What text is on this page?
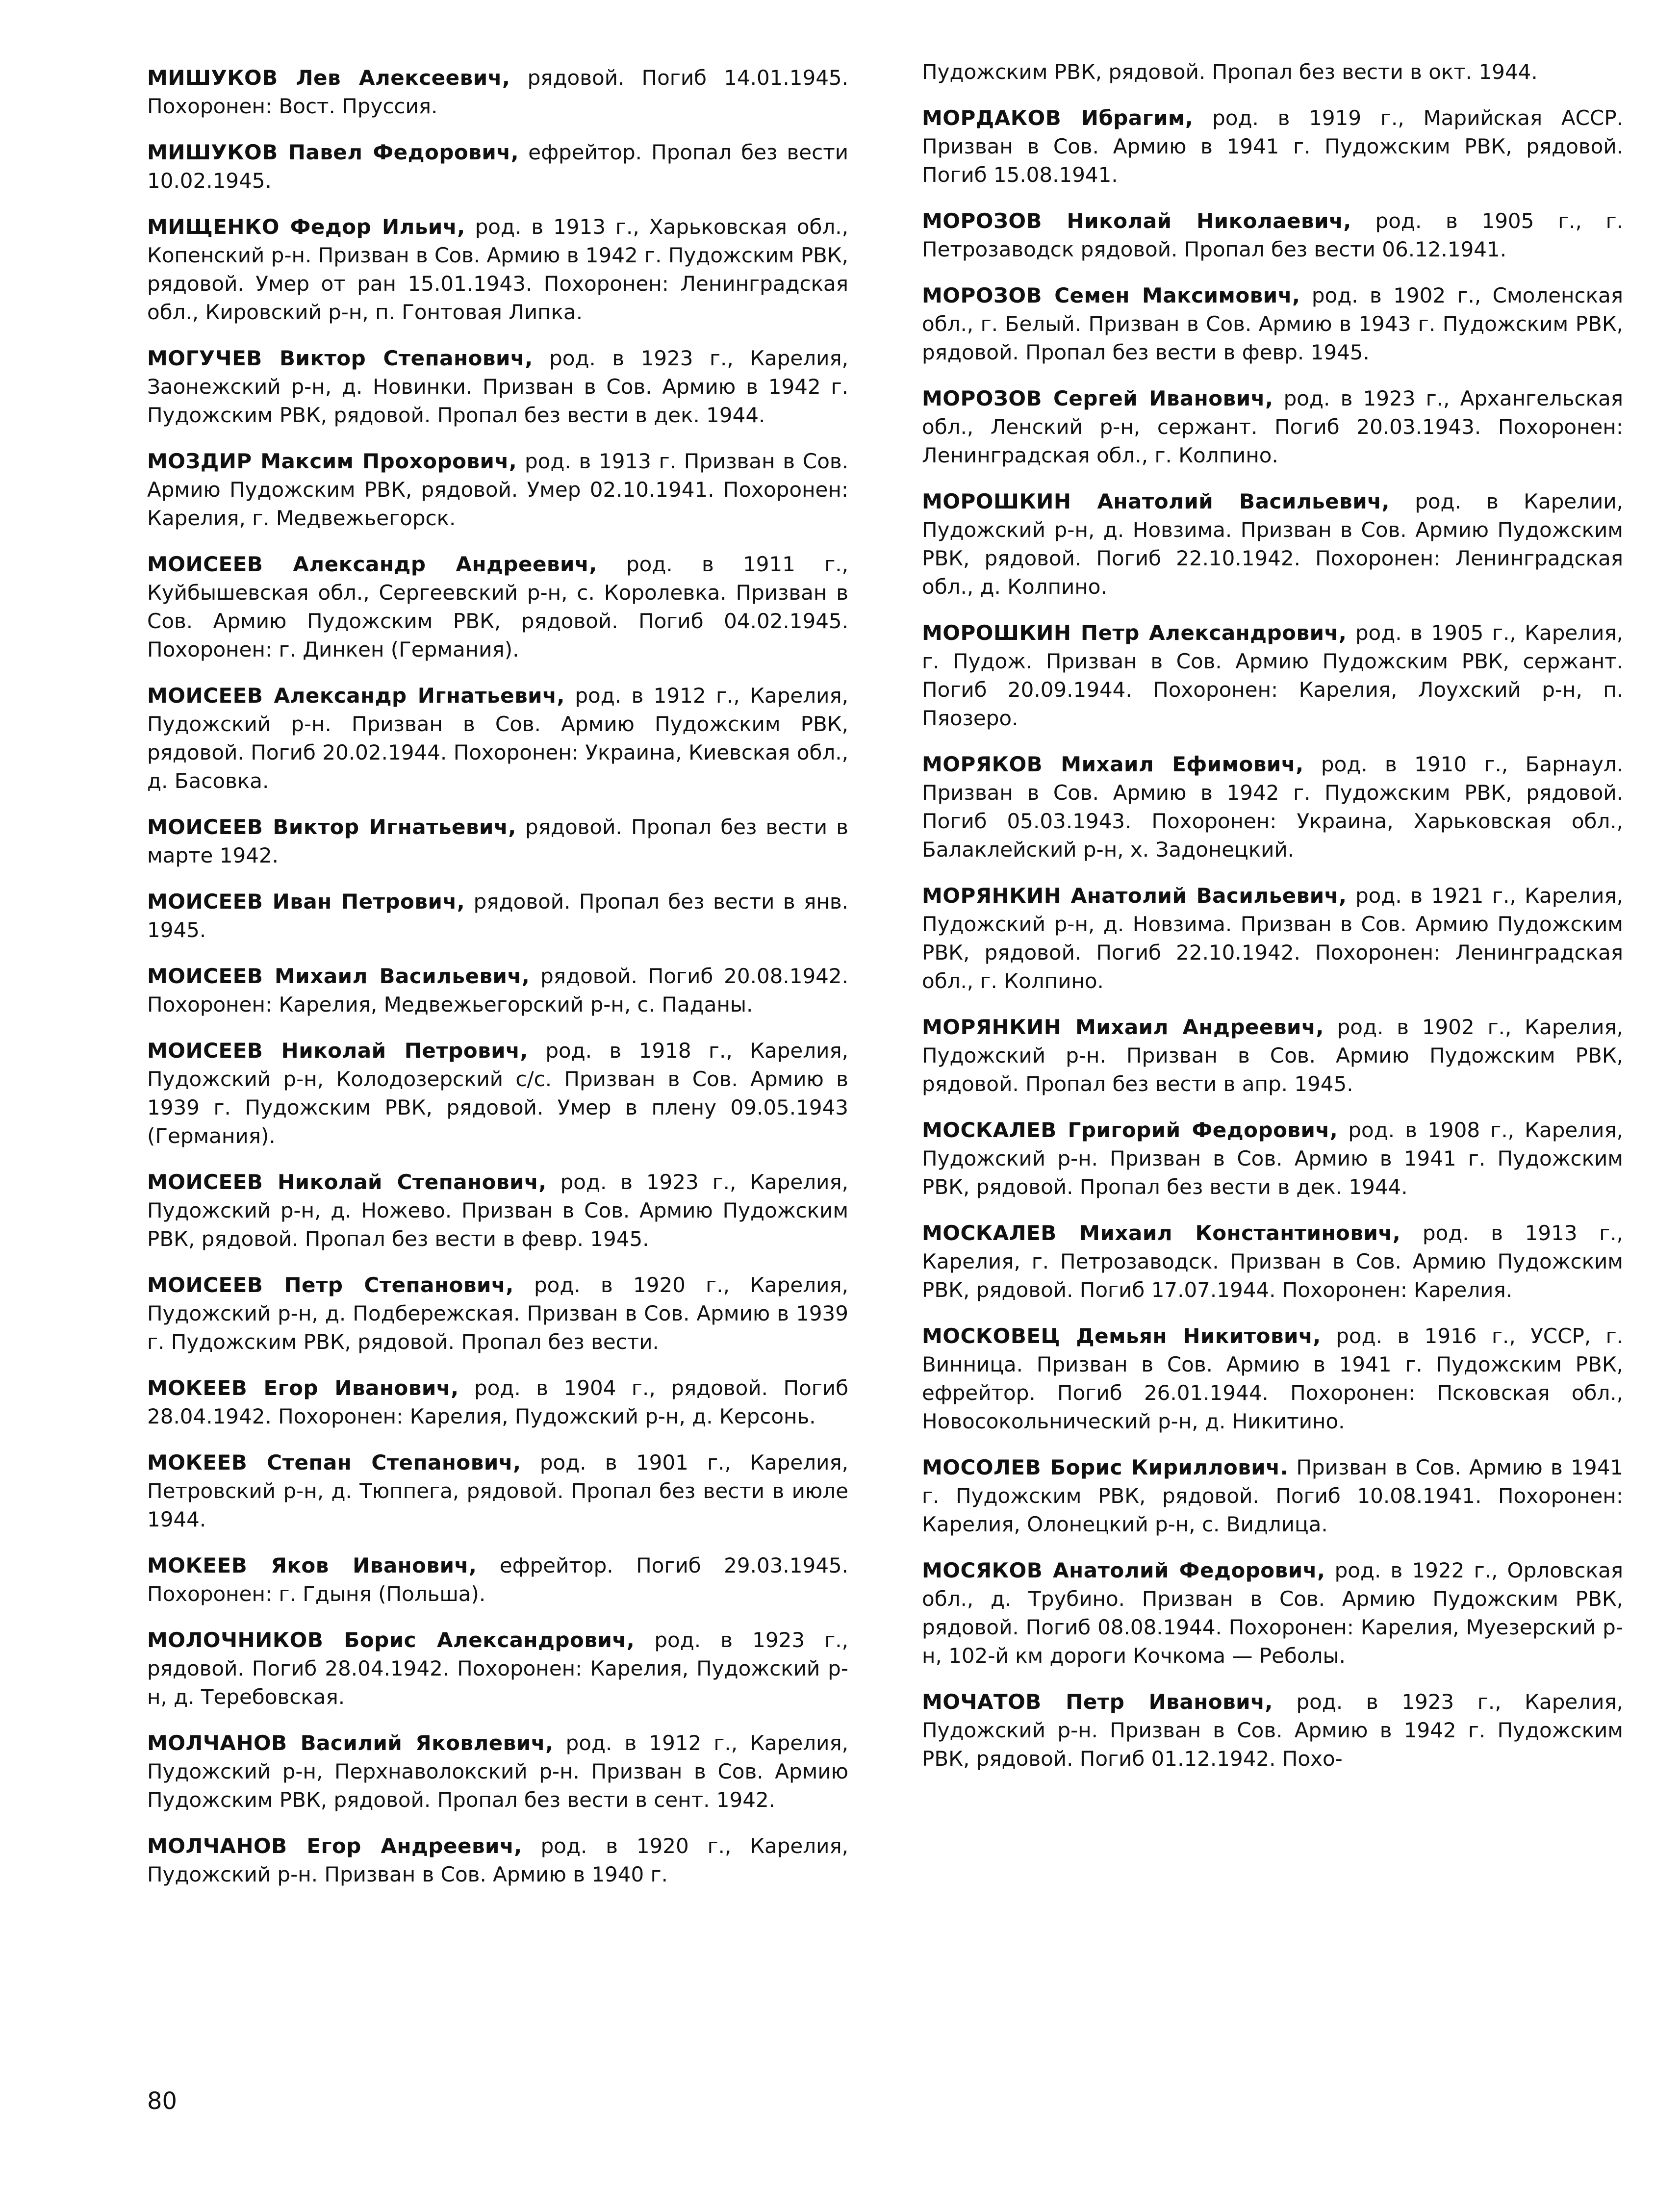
МИШУКОВ Лев Алексеевич, рядовой. Погиб 14.01.1945. Похоронен: Вост. Пруссия.

МИШУКОВ Павел Федорович, ефрейтор. Пропал без вести 10.02.1945.

МИЩЕНКО Федор Ильич, род. в 1913 г., Харьковская обл., Копенский р-н. Призван в Сов. Армию в 1942 г. Пудожским РВК, рядовой. Умер от ран 15.01.1943. Похоронен: Ленинградская обл., Кировский р-н, п. Гонтовая Липка.

МОГУЧЕВ Виктор Степанович, род. в 1923 г., Карелия, Заонежский р-н, д. Новинки. Призван в Сов. Армию в 1942 г. Пудожским РВК, рядовой. Пропал без вести в дек. 1944.

МОЗДИР Максим Прохорович, род. в 1913 г. Призван в Сов. Армию Пудожским РВК, рядовой. Умер 02.10.1941. Похоронен: Карелия, г. Медвежьегорск.

МОИСЕЕВ Александр Андреевич, род. в 1911 г., Куйбышевская обл., Сергеевский р-н, с. Королевка. Призван в Сов. Армию Пудожским РВК, рядовой. Погиб 04.02.1945. Похоронен: г. Динкен (Германия).

МОИСЕЕВ Александр Игнатьевич, род. в 1912 г., Карелия, Пудожский р-н. Призван в Сов. Армию Пудожским РВК, рядовой. Погиб 20.02.1944. Похоронен: Украина, Киевская обл., д. Басовка.

МОИСЕЕВ Виктор Игнатьевич, рядовой. Пропал без вести в марте 1942.

МОИСЕЕВ Иван Петрович, рядовой. Пропал без вести в янв. 1945.

МОИСЕЕВ Михаил Васильевич, рядовой. Погиб 20.08.1942. Похоронен: Карелия, Медвежьегорский р-н, с. Паданы.

МОИСЕЕВ Николай Петрович, род. в 1918 г., Карелия, Пудожский р-н, Колодозерский с/с. Призван в Сов. Армию в 1939 г. Пудожским РВК, рядовой. Умер в плену 09.05.1943 (Германия).

МОИСЕЕВ Николай Степанович, род. в 1923 г., Карелия, Пудожский р-н, д. Ножево. Призван в Сов. Армию Пудожским РВК, рядовой. Пропал без вести в февр. 1945.

МОИСЕЕВ Петр Степанович, род. в 1920 г., Карелия, Пудожский р-н, д. Подберeжская. Призван в Сов. Армию в 1939 г. Пудожским РВК, рядовой. Пропал без вести.

МОКЕЕВ Егор Иванович, род. в 1904 г., рядовой. Погиб 28.04.1942. Похоронен: Карелия, Пудожский р-н, д. Керсонь.

МОКЕЕВ Степан Степанович, род. в 1901 г., Карелия, Петровский р-н, д. Тюппега, рядовой. Пропал без вести в июле 1944.

МОКЕЕВ Яков Иванович, ефрейтор. Погиб 29.03.1945. Похоронен: г. Гдыня (Польша).

МОЛОЧНИКОВ Борис Александрович, род. в 1923 г., рядовой. Погиб 28.04.1942. Похоронен: Карелия, Пудожский р-н, д. Теребовская.

МОЛЧАНОВ Василий Яковлевич, род. в 1912 г., Карелия, Пудожский р-н, Перхнаволокский р-н. Призван в Сов. Армию Пудожским РВК, рядовой. Пропал без вести в сент. 1942.

МОЛЧАНОВ Егор Андреевич, род. в 1920 г., Карелия, Пудожский р-н. Призван в Сов. Армию в 1940 г.

Пудожским РВК, рядовой. Пропал без вести в окт. 1944.

МОРДАКОВ Ибрагим, род. в 1919 г., Марийская АССР. Призван в Сов. Армию в 1941 г. Пудожским РВК, рядовой. Погиб 15.08.1941.

МОРОЗОВ Николай Николаевич, род. в 1905 г., г. Петрозаводск рядовой. Пропал без вести 06.12.1941.

МОРОЗОВ Семен Максимович, род. в 1902 г., Смоленская обл., г. Белый. Призван в Сов. Армию в 1943 г. Пудожским РВК, рядовой. Пропал без вести в февр. 1945.

МОРОЗОВ Сергей Иванович, род. в 1923 г., Архангельская обл., Ленский р-н, сержант. Погиб 20.03.1943. Похоронен: Ленинградская обл., г. Колпино.

МОРОШКИН Анатолий Васильевич, род. в Карелии, Пудожский р-н, д. Новзима. Призван в Сов. Армию Пудожским РВК, рядовой. Погиб 22.10.1942. Похоронен: Ленинградская обл., д. Колпино.

МОРОШКИН Петр Александрович, род. в 1905 г., Карелия, г. Пудож. Призван в Сов. Армию Пудожским РВК, сержант. Погиб 20.09.1944. Похоронен: Карелия, Лоухский р-н, п. Пяозеро.

МОРЯКОВ Михаил Ефимович, род. в 1910 г., Барнаул. Призван в Сов. Армию в 1942 г. Пудожским РВК, рядовой. Погиб 05.03.1943. Похоронен: Украина, Харьковская обл., Балаклейский р-н, х. Задонецкий.

МОРЯНКИН Анатолий Васильевич, род. в 1921 г., Карелия, Пудожский р-н, д. Новзима. Призван в Сов. Армию Пудожским РВК, рядовой. Погиб 22.10.1942. Похоронен: Ленинградская обл., г. Колпино.

МОРЯНКИН Михаил Андреевич, род. в 1902 г., Карелия, Пудожский р-н. Призван в Сов. Армию Пудожским РВК, рядовой. Пропал без вести в апр. 1945.

МОСКАЛЕВ Григорий Федорович, род. в 1908 г., Карелия, Пудожский р-н. Призван в Сов. Армию в 1941 г. Пудожским РВК, рядовой. Пропал без вести в дек. 1944.

МОСКАЛЕВ Михаил Константинович, род. в 1913 г., Карелия, г. Петрозаводск. Призван в Сов. Армию Пудожским РВК, рядовой. Погиб 17.07.1944. Похоронен: Карелия.

МОСКОВЕЦ Демьян Никитович, род. в 1916 г., УССР, г. Винница. Призван в Сов. Армию в 1941 г. Пудожским РВК, ефрейтор. Погиб 26.01.1944. Похоронен: Псковская обл., Новосокольнический р-н, д. Никитино.

МОСОЛЕВ Борис Кириллович. Призван в Сов. Армию в 1941 г. Пудожским РВК, рядовой. Погиб 10.08.1941. Похоронен: Карелия, Олонецкий р-н, с. Видлица.

МОСЯКОВ Анатолий Федорович, род. в 1922 г., Орловская обл., д. Трубино. Призван в Сов. Армию Пудожским РВК, рядовой. Погиб 08.08.1944. Похоронен: Карелия, Муезерский р-н, 102-й км дороги Кочкома — Реболы.

МОЧАТОВ Петр Иванович, род. в 1923 г., Карелия, Пудожский р-н. Призван в Сов. Армию в 1942 г. Пудожским РВК, рядовой. Погиб 01.12.1942. Похо-

80
